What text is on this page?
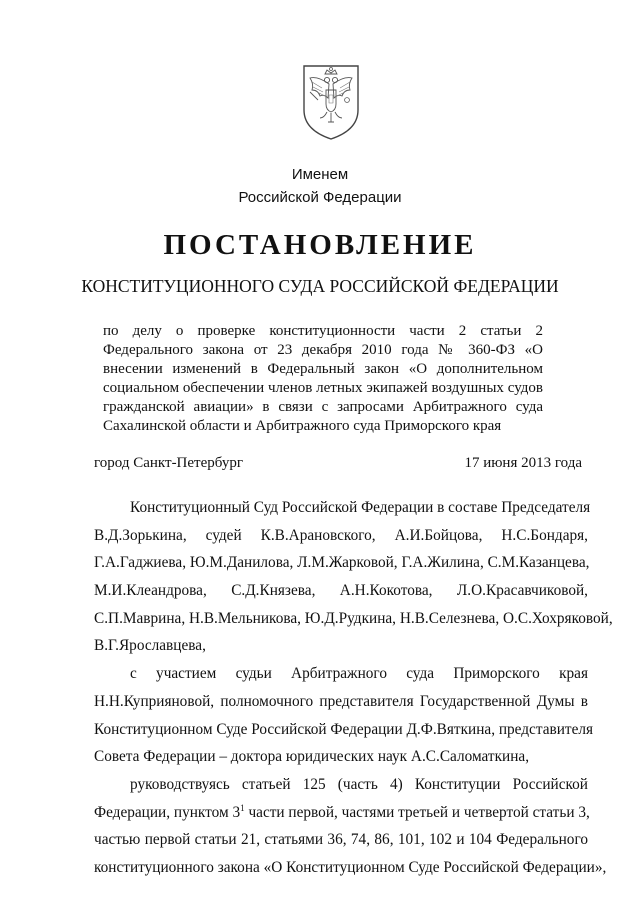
Именем
Российской Федерации
ПОСТАНОВЛЕНИЕ
КОНСТИТУЦИОННОГО СУДА РОССИЙСКОЙ ФЕДЕРАЦИИ
по делу о проверке конституционности части 2 статьи 2
Федерального закона от 23 декабря 2010 года № 360-ФЗ «О
внесении изменений в Федеральный закон «О дополнительном
социальном обеспечении членов летных экипажей воздушных судов
гражданской авиации» в связи с запросами Арбитражного суда
Сахалинской области и Арбитражного суда Приморского края
город Санкт-Петербург	17 июня 2013 года
Конституционный Суд Российской Федерации в составе Председателя
В.Д.Зорькина, судей К.В.Арановского, А.И.Бойцова, Н.С.Бондаря,
Г.А.Гаджиева, Ю.М.Данилова, Л.М.Жарковой, Г.А.Жилина, С.М.Казанцева,
М.И.Клеандрова, С.Д.Князева, А.Н.Кокотова, Л.О.Красавчиковой,
С.П.Маврина, Н.В.Мельникова, Ю.Д.Рудкина, Н.В.Селезнева, О.С.Хохряковой,
В.Г.Ярославцева,
с участием судьи Арбитражного суда Приморского края
Н.Н.Куприяновой, полномочного представителя Государственной Думы в
Конституционном Суде Российской Федерации Д.Ф.Вяткина, представителя
Совета Федерации – доктора юридических наук А.С.Саломаткина,
руководствуясь статьей 125 (часть 4) Конституции Российской
Федерации, пунктом $3^1$ части первой, частями третьей и четвертой статьи 3,
частью первой статьи 21, статьями 36, 74, 86, 101, 102 и 104 Федерального
конституционного закона «О Конституционном Суде Российской Федерации»,
